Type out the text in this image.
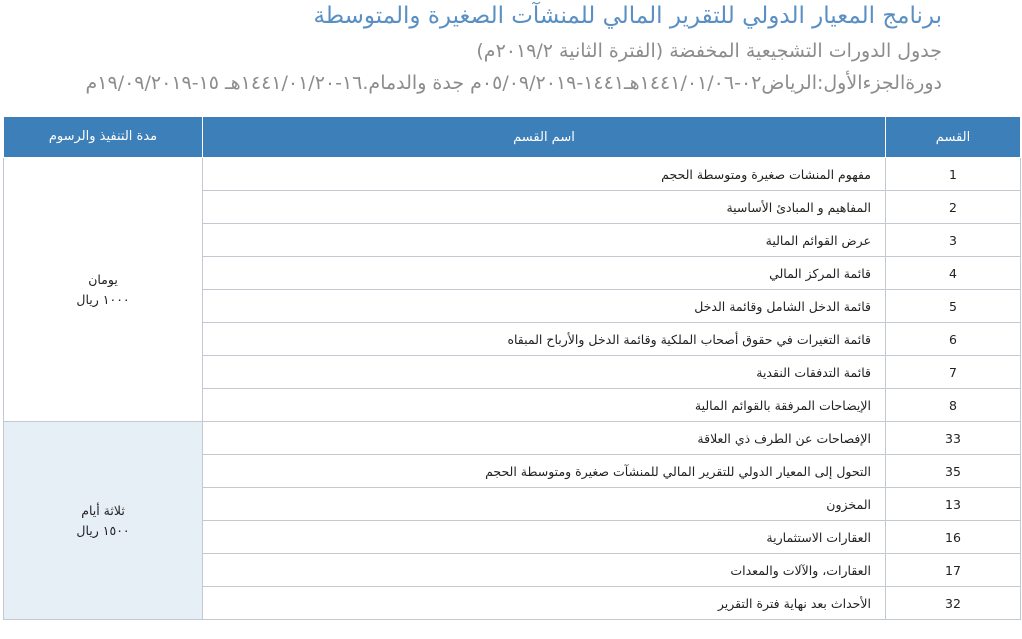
برنامج المعيار الدولي للتقرير المالي للمنشآت الصغيرة والمتوسطة
جدول الدورات التشجيعية المخفضة (الفترة الثانية ٢٠١٩/٢م)
دورةالجزءالأول:الرياض٠٢-١٤٤١/٠١/٠٦هـ١٤٤١-٠٥/٠٩/٢٠١٩م جدة والدمام.١٦-١٤٤١/٠١/٢٠هـ ١٥-١٩/٠٩/٢٠١٩م
القسم	اسم القسم	مدة التنفيذ والرسوم
1	مفهوم المنشات صغيرة ومتوسطة الحجم	يومان
١٠٠٠ ريال

2	المفاهيم و المبادئ الأساسية	
3	عرض القوائم المالية	
4	قائمة المركز المالي	
5	قائمة الدخل الشامل وقائمة الدخل	
6	قائمة التغيرات في حقوق أصحاب الملكية وقائمة الدخل والأرباح المبقاه	
7	قائمة التدفقات النقدية	
8	الإيضاحات المرفقة بالقوائم المالية	
33	الإفصاحات عن الطرف ذي العلاقة	ثلاثة أيام
١٥٠٠ ريال

35	التحول إلى المعيار الدولي للتقرير المالي للمنشآت صغيرة ومتوسطة الحجم	
13	المخزون	
16	العقارات الاستثمارية	
17	العقارات، والآلات والمعدات	
32	الأحداث بعد نهاية فترة التقرير	
